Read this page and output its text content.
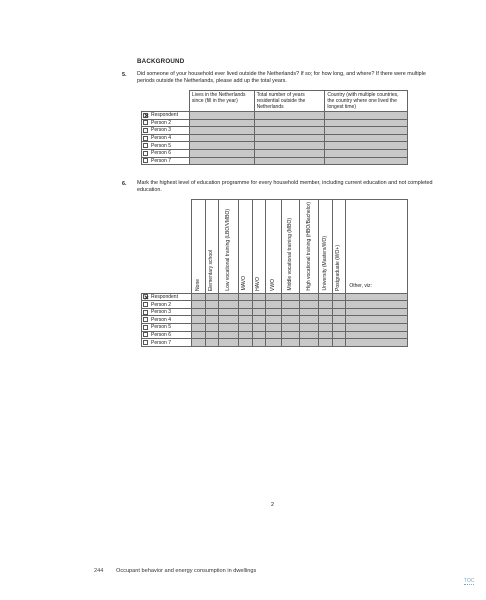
BACKGROUND
5. Did someone of your household ever lived outside the Netherlands? If so; for how long, and where? If there were multiple periods outside the Netherlands, please add up the total years.
	Lives in the Netherlands since (fill in the year)	Total number of years residential outside the Netherlands	Country (with multiple countries, the country where one lived the longest time)

Respondent			

Person 2			

Person 3			

Person 4			

Person 5			

Person 6			

Person 7			

6. Mark the highest level of education programme for every household member, including current education and not completed education.

	None	Elementary school	Low vocational training (LBO/VMBO)	MAVO	HAVO	VWO	Middle vocational training (MBO)	High vocational training (HBO/Bachelor)	University (Masters/WO)	Postgraduate (WO+)	Other, viz:

Respondent											

Person 2											

Person 3											

Person 4											

Person 5											

Person 6											

Person 7											

2
244 Occupant behavior and energy consumption in dwellings
TOC
